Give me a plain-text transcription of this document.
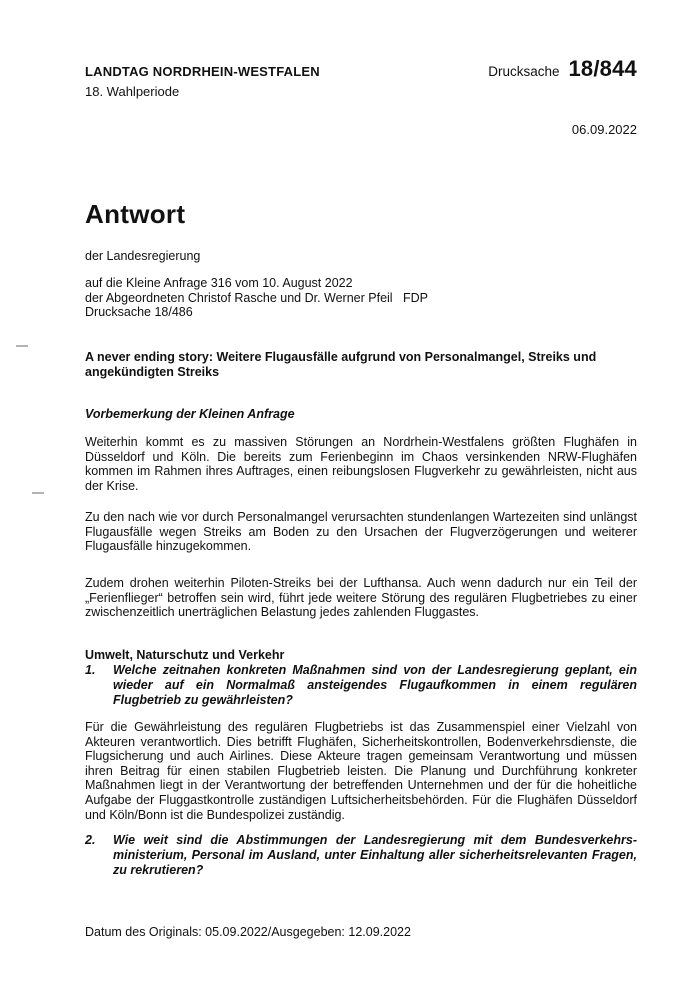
LANDTAG NORDRHEIN-WESTFALEN
18. Wahlperiode
Drucksache 18/844
06.09.2022
Antwort
der Landesregierung
auf die Kleine Anfrage 316 vom 10. August 2022
der Abgeordneten Christof Rasche und Dr. Werner Pfeil   FDP
Drucksache 18/486
A never ending story: Weitere Flugausfälle aufgrund von Personalmangel, Streiks und angekündigten Streiks
Vorbemerkung der Kleinen Anfrage
Weiterhin kommt es zu massiven Störungen an Nordrhein-Westfalens größten Flughäfen in Düsseldorf und Köln. Die bereits zum Ferienbeginn im Chaos versinkenden NRW-Flughäfen kommen im Rahmen ihres Auftrages, einen reibungslosen Flugverkehr zu gewährleisten, nicht aus der Krise.
Zu den nach wie vor durch Personalmangel verursachten stundenlangen Wartezeiten sind unlängst Flugausfälle wegen Streiks am Boden zu den Ursachen der Flugverzögerungen und weiterer Flugausfälle hinzugekommen.
Zudem drohen weiterhin Piloten-Streiks bei der Lufthansa. Auch wenn dadurch nur ein Teil der „Ferienflieger“ betroffen sein wird, führt jede weitere Störung des regulären Flugbetriebes zu einer zwischenzeitlich unerträglichen Belastung jedes zahlenden Fluggastes.
Umwelt, Naturschutz und Verkehr
1.	Welche zeitnahen konkreten Maßnahmen sind von der Landesregierung geplant, ein wieder auf ein Normalmaß ansteigendes Flugaufkommen in einem regulären Flugbetrieb zu gewährleisten?
Für die Gewährleistung des regulären Flugbetriebs ist das Zusammenspiel einer Vielzahl von Akteuren verantwortlich. Dies betrifft Flughäfen, Sicherheitskontrollen, Bodenverkehrsdienste, die Flugsicherung und auch Airlines. Diese Akteure tragen gemeinsam Verantwortung und müssen ihren Beitrag für einen stabilen Flugbetrieb leisten. Die Planung und Durchführung konkreter Maßnahmen liegt in der Verantwortung der betreffenden Unternehmen und der für die hoheitliche Aufgabe der Fluggastkontrolle zuständigen Luftsicherheitsbehörden. Für die Flughäfen Düsseldorf und Köln/Bonn ist die Bundespolizei zuständig.
2.	Wie weit sind die Abstimmungen der Landesregierung mit dem Bundesverkehrsministerium, Personal im Ausland, unter Einhaltung aller sicherheitsrelevanten Fragen, zu rekrutieren?
Datum des Originals: 05.09.2022/Ausgegeben: 12.09.2022
